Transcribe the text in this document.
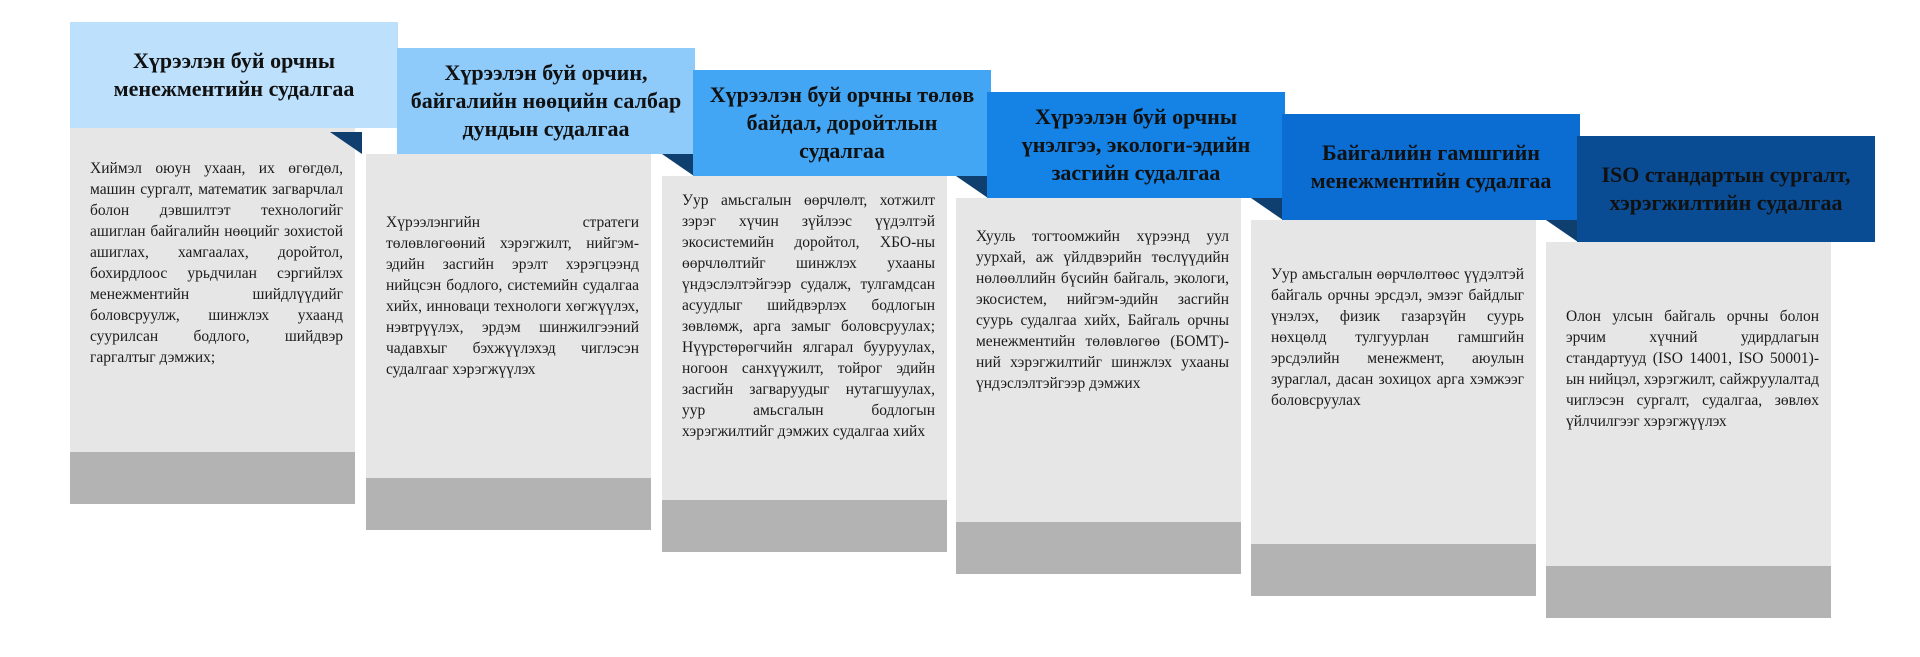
Хиймэл оюун ухаан, их өгөгдөл, машин сургалт, математик загварчлал болон дэвшилтэт технологийг ашиглан байгалийн нөөцийг зохистой ашиглах, хамгаалах, доройтол, бохирдлоос урьдчилан сэргийлэх менежментийн шийдлүүдийг боловсруулж, шинжлэх ухаанд суурилсан бодлого, шийдвэр гаргалтыг дэмжих;
Хүрээлэн буй орчны менежментийн судалгаа
Хүрээлэнгийн стратеги төлөвлөгөөний хэрэгжилт, нийгэм-эдийн засгийн эрэлт хэрэгцээнд нийцсэн бодлого, системийн судалгаа хийх, инноваци технологи хөгжүүлэх, нэвтрүүлэх, эрдэм шинжилгээний чадавхыг бэхжүүлэхэд чиглэсэн судалгааг хэрэгжүүлэх
Хүрээлэн буй орчин, байгалийн нөөцийн салбар дундын судалгаа
Уур амьсгалын өөрчлөлт, хотжилт зэрэг хүчин зүйлээс үүдэлтэй экосистемийн доройтол, ХБО-ны өөрчлөлтийг шинжлэх ухааны үндэслэлтэйгээр судалж, тулгамдсан асуудлыг шийдвэрлэх бодлогын зөвлөмж, арга замыг боловсруулах; Нүүрстөрөгчийн ялгарал бууруулах, ногоон санхүүжилт, тойрог эдийн засгийн загваруудыг нутагшуулах, уур амьсгалын бодлогын хэрэгжилтийг дэмжих судалгаа хийх
Хүрээлэн буй орчны төлөв байдал, доройтлын судалгаа
Хууль тогтоомжийн хүрээнд уул уурхай, аж үйлдвэрийн төслүүдийн нөлөөллийн бүсийн байгаль, экологи, экосистем, нийгэм-эдийн засгийн суурь судалгаа хийх, Байгаль орчны менежментийн төлөвлөгөө (БОМТ)-ний хэрэгжилтийг шинжлэх ухааны үндэслэлтэйгээр дэмжих
Хүрээлэн буй орчны үнэлгээ, экологи-эдийн засгийн судалгаа
Уур амьсгалын өөрчлөлтөөс үүдэлтэй байгаль орчны эрсдэл, эмзэг байдлыг үнэлэх, физик газарзүйн суурь нөхцөлд тулгуурлан гамшгийн эрсдэлийн менежмент, аюулын зураглал, дасан зохицох арга хэмжээг боловсруулах
Байгалийн гамшгийн менежментийн судалгаа
Олон улсын байгаль орчны болон эрчим хүчний удирдлагын стандартууд (ISO 14001, ISO 50001)-ын нийцэл, хэрэгжилт, сайжруулалтад чиглэсэн сургалт, судалгаа, зөвлөх үйлчилгээг хэрэгжүүлэх
ISO стандартын сургалт, хэрэгжилтийн судалгаа
